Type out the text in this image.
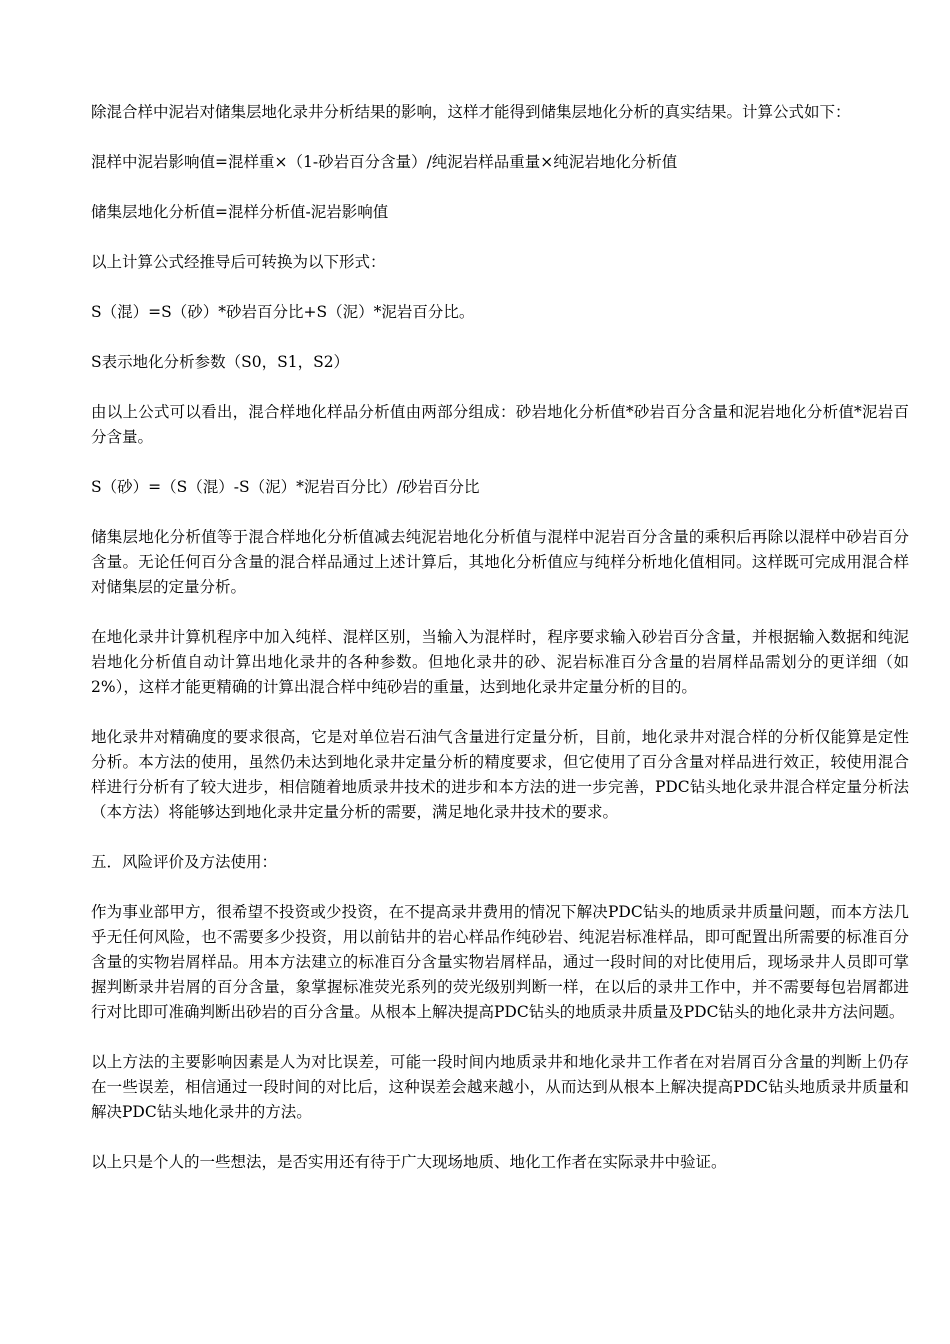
除混合样中泥岩对储集层地化录井分析结果的影响，这样才能得到储集层地化分析的真实结果。计算公式如下：

混样中泥岩影响值=混样重×（1-砂岩百分含量）/纯泥岩样品重量×纯泥岩地化分析值

储集层地化分析值=混样分析值-泥岩影响值

以上计算公式经推导后可转换为以下形式：

S（混）=S（砂）*砂岩百分比+S（泥）*泥岩百分比。

S表示地化分析参数（S0，S1，S2）

由以上公式可以看出，混合样地化样品分析值由两部分组成：砂岩地化分析值*砂岩百分含量和泥岩地化分析值*泥岩百分含量。

S（砂）=（S（混）-S（泥）*泥岩百分比）/砂岩百分比

储集层地化分析值等于混合样地化分析值减去纯泥岩地化分析值与混样中泥岩百分含量的乘积后再除以混样中砂岩百分含量。无论任何百分含量的混合样品通过上述计算后，其地化分析值应与纯样分析地化值相同。这样既可完成用混合样对储集层的定量分析。

在地化录井计算机程序中加入纯样、混样区别，当输入为混样时，程序要求输入砂岩百分含量，并根据输入数据和纯泥岩地化分析值自动计算出地化录井的各种参数。但地化录井的砂、泥岩标准百分含量的岩屑样品需划分的更详细（如2%），这样才能更精确的计算出混合样中纯砂岩的重量，达到地化录井定量分析的目的。

地化录井对精确度的要求很高，它是对单位岩石油气含量进行定量分析，目前，地化录井对混合样的分析仅能算是定性分析。本方法的使用，虽然仍未达到地化录井定量分析的精度要求，但它使用了百分含量对样品进行效正，较使用混合样进行分析有了较大进步，相信随着地质录井技术的进步和本方法的进一步完善，PDC钻头地化录井混合样定量分析法（本方法）将能够达到地化录井定量分析的需要，满足地化录井技术的要求。

五．风险评价及方法使用：

作为事业部甲方，很希望不投资或少投资，在不提高录井费用的情况下解决PDC钻头的地质录井质量问题，而本方法几乎无任何风险，也不需要多少投资，用以前钻井的岩心样品作纯砂岩、纯泥岩标准样品，即可配置出所需要的标准百分含量的实物岩屑样品。用本方法建立的标准百分含量实物岩屑样品，通过一段时间的对比使用后，现场录井人员即可掌握判断录井岩屑的百分含量，象掌握标准荧光系列的荧光级别判断一样，在以后的录井工作中，并不需要每包岩屑都进行对比即可准确判断出砂岩的百分含量。从根本上解决提高PDC钻头的地质录井质量及PDC钻头的地化录井方法问题。

以上方法的主要影响因素是人为对比误差，可能一段时间内地质录井和地化录井工作者在对岩屑百分含量的判断上仍存在一些误差，相信通过一段时间的对比后，这种误差会越来越小，从而达到从根本上解决提高PDC钻头地质录井质量和解决PDC钻头地化录井的方法。

以上只是个人的一些想法，是否实用还有待于广大现场地质、地化工作者在实际录井中验证。
